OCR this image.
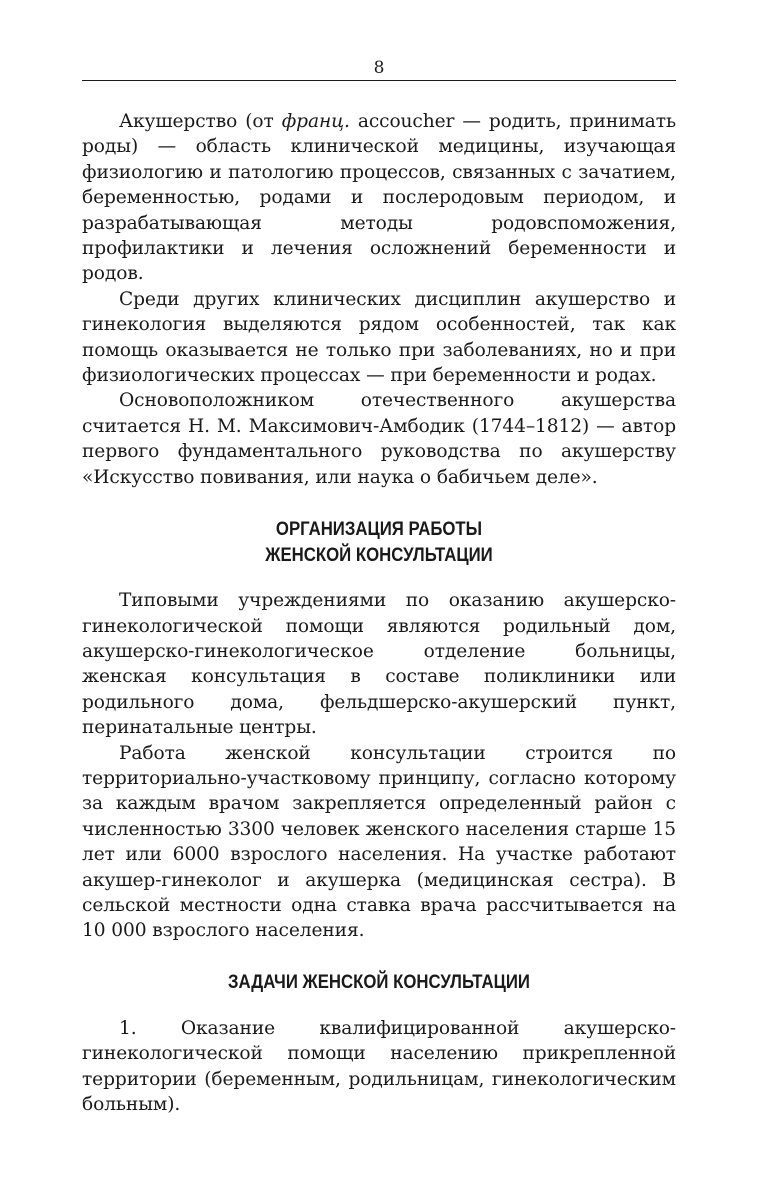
8

Акушерство (от франц. accoucher — родить, принимать роды) — область клинической медицины, изучающая физиологию и патологию процессов, связанных с зачатием, беременностью, родами и послеродовым периодом, и разрабатывающая методы родовспоможения, профилактики и лечения осложнений беременности и родов.

Среди других клинических дисциплин акушерство и гинекология выделяются рядом особенностей, так как помощь оказывается не только при заболеваниях, но и при физиологических процессах — при беременности и родах.

Основоположником отечественного акушерства считается Н. М. Максимович-Амбодик (1744–1812) — автор первого фундаментального руководства по акушерству «Искусство повивания, или наука о бабичьем деле».

ОРГАНИЗАЦИЯ РАБОТЫ

ЖЕНСКОЙ КОНСУЛЬТАЦИИ

Типовыми учреждениями по оказанию акушерско-гинекологической помощи являются родильный дом, акушерско-гинекологическое отделение больницы, женская консультация в составе поликлиники или родильного дома, фельдшерско-акушерский пункт, перинатальные центры.

Работа женской консультации строится по территориально-участковому принципу, согласно которому за каждым врачом закрепляется определенный район с численностью 3300 человек женского населения старше 15 лет или 6000 взрослого населения. На участке работают акушер-гинеколог и акушерка (медицинская сестра). В сельской местности одна ставка врача рассчитывается на 10 000 взрослого населения.

ЗАДАЧИ ЖЕНСКОЙ КОНСУЛЬТАЦИИ

1. Оказание квалифицированной акушерско-гинекологической помощи населению прикрепленной территории (беременным, родильницам, гинекологическим больным).
